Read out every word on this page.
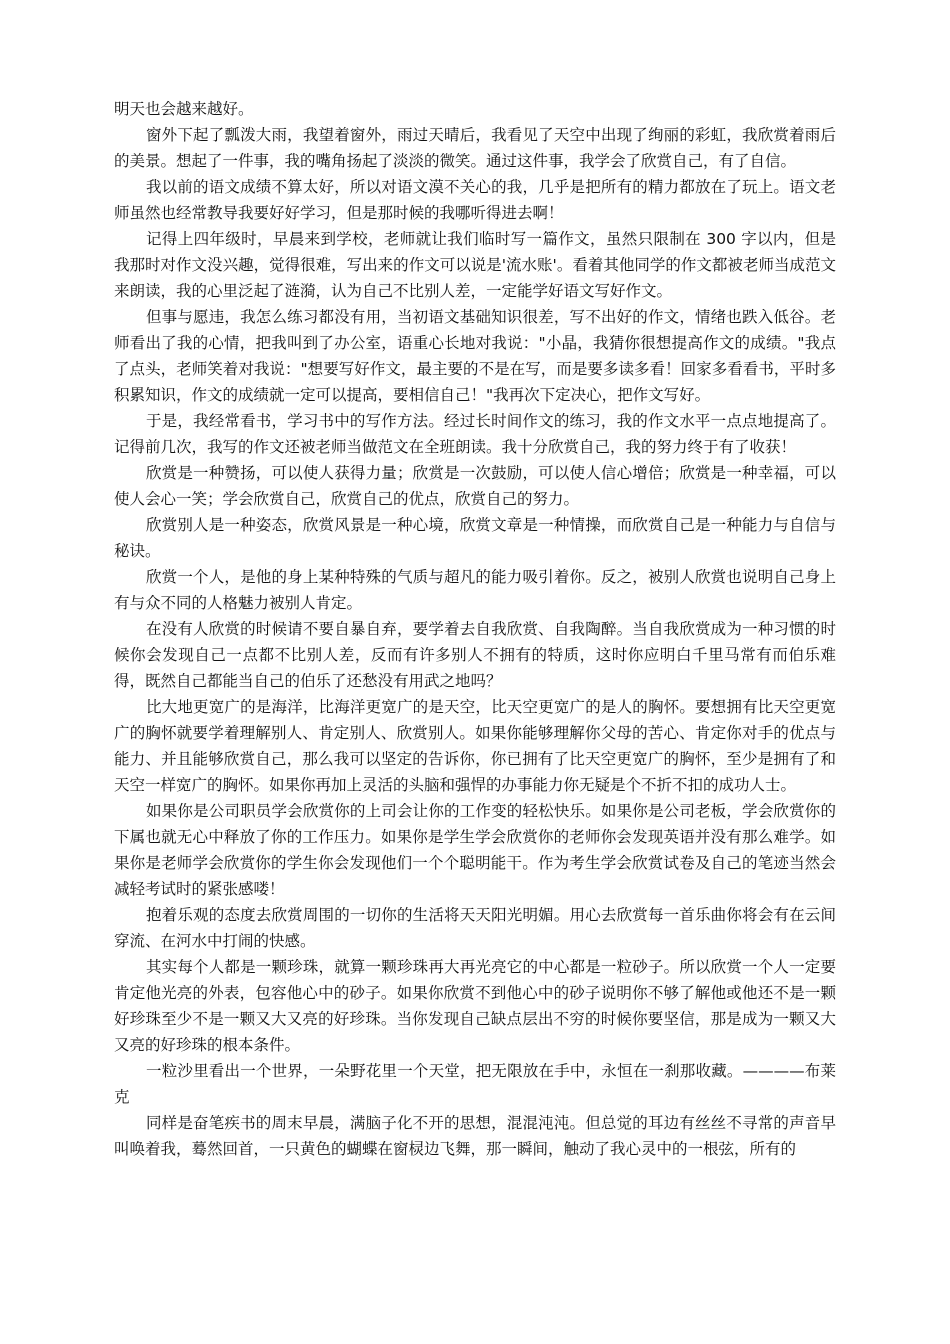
明天也会越来越好。

窗外下起了瓢泼大雨，我望着窗外，雨过天晴后，我看见了天空中出现了绚丽的彩虹，我欣赏着雨后的美景。想起了一件事，我的嘴角扬起了淡淡的微笑。通过这件事，我学会了欣赏自己，有了自信。

我以前的语文成绩不算太好，所以对语文漠不关心的我，几乎是把所有的精力都放在了玩上。语文老师虽然也经常教导我要好好学习，但是那时候的我哪听得进去啊！

记得上四年级时，早晨来到学校，老师就让我们临时写一篇作文，虽然只限制在 300 字以内，但是我那时对作文没兴趣，觉得很难，写出来的作文可以说是'流水账'。看着其他同学的作文都被老师当成范文来朗读，我的心里泛起了涟漪，认为自己不比别人差，一定能学好语文写好作文。

但事与愿违，我怎么练习都没有用，当初语文基础知识很差，写不出好的作文，情绪也跌入低谷。老师看出了我的心情，把我叫到了办公室，语重心长地对我说："小晶，我猜你很想提高作文的成绩。"我点了点头，老师笑着对我说："想要写好作文，最主要的不是在写，而是要多读多看！回家多看看书，平时多积累知识，作文的成绩就一定可以提高，要相信自己！"我再次下定决心，把作文写好。

于是，我经常看书，学习书中的写作方法。经过长时间作文的练习，我的作文水平一点点地提高了。记得前几次，我写的作文还被老师当做范文在全班朗读。我十分欣赏自己，我的努力终于有了收获！

欣赏是一种赞扬，可以使人获得力量；欣赏是一次鼓励，可以使人信心增倍；欣赏是一种幸福，可以使人会心一笑；学会欣赏自己，欣赏自己的优点，欣赏自己的努力。

欣赏别人是一种姿态，欣赏风景是一种心境，欣赏文章是一种情操，而欣赏自己是一种能力与自信与秘诀。

欣赏一个人，是他的身上某种特殊的气质与超凡的能力吸引着你。反之，被别人欣赏也说明自己身上有与众不同的人格魅力被别人肯定。

在没有人欣赏的时候请不要自暴自弃，要学着去自我欣赏、自我陶醉。当自我欣赏成为一种习惯的时候你会发现自己一点都不比别人差，反而有许多别人不拥有的特质，这时你应明白千里马常有而伯乐难得，既然自己都能当自己的伯乐了还愁没有用武之地吗？

比大地更宽广的是海洋，比海洋更宽广的是天空，比天空更宽广的是人的胸怀。要想拥有比天空更宽广的胸怀就要学着理解别人、肯定别人、欣赏别人。如果你能够理解你父母的苦心、肯定你对手的优点与能力、并且能够欣赏自己，那么我可以坚定的告诉你，你已拥有了比天空更宽广的胸怀，至少是拥有了和天空一样宽广的胸怀。如果你再加上灵活的头脑和强悍的办事能力你无疑是个不折不扣的成功人士。

如果你是公司职员学会欣赏你的上司会让你的工作变的轻松快乐。如果你是公司老板，学会欣赏你的下属也就无心中释放了你的工作压力。如果你是学生学会欣赏你的老师你会发现英语并没有那么难学。如果你是老师学会欣赏你的学生你会发现他们一个个聪明能干。作为考生学会欣赏试卷及自己的笔迹当然会减轻考试时的紧张感喽！

抱着乐观的态度去欣赏周围的一切你的生活将天天阳光明媚。用心去欣赏每一首乐曲你将会有在云间穿流、在河水中打闹的快感。

其实每个人都是一颗珍珠，就算一颗珍珠再大再光亮它的中心都是一粒砂子。所以欣赏一个人一定要肯定他光亮的外表，包容他心中的砂子。如果你欣赏不到他心中的砂子说明你不够了解他或他还不是一颗好珍珠至少不是一颗又大又亮的好珍珠。当你发现自己缺点层出不穷的时候你要坚信，那是成为一颗又大又亮的好珍珠的根本条件。

一粒沙里看出一个世界，一朵野花里一个天堂，把无限放在手中，永恒在一刹那收藏。————布莱克

同样是奋笔疾书的周末早晨，满脑子化不开的思想，混混沌沌。但总觉的耳边有丝丝不寻常的声音早叫唤着我，蓦然回首，一只黄色的蝴蝶在窗棂边飞舞，那一瞬间，触动了我心灵中的一根弦，所有的
